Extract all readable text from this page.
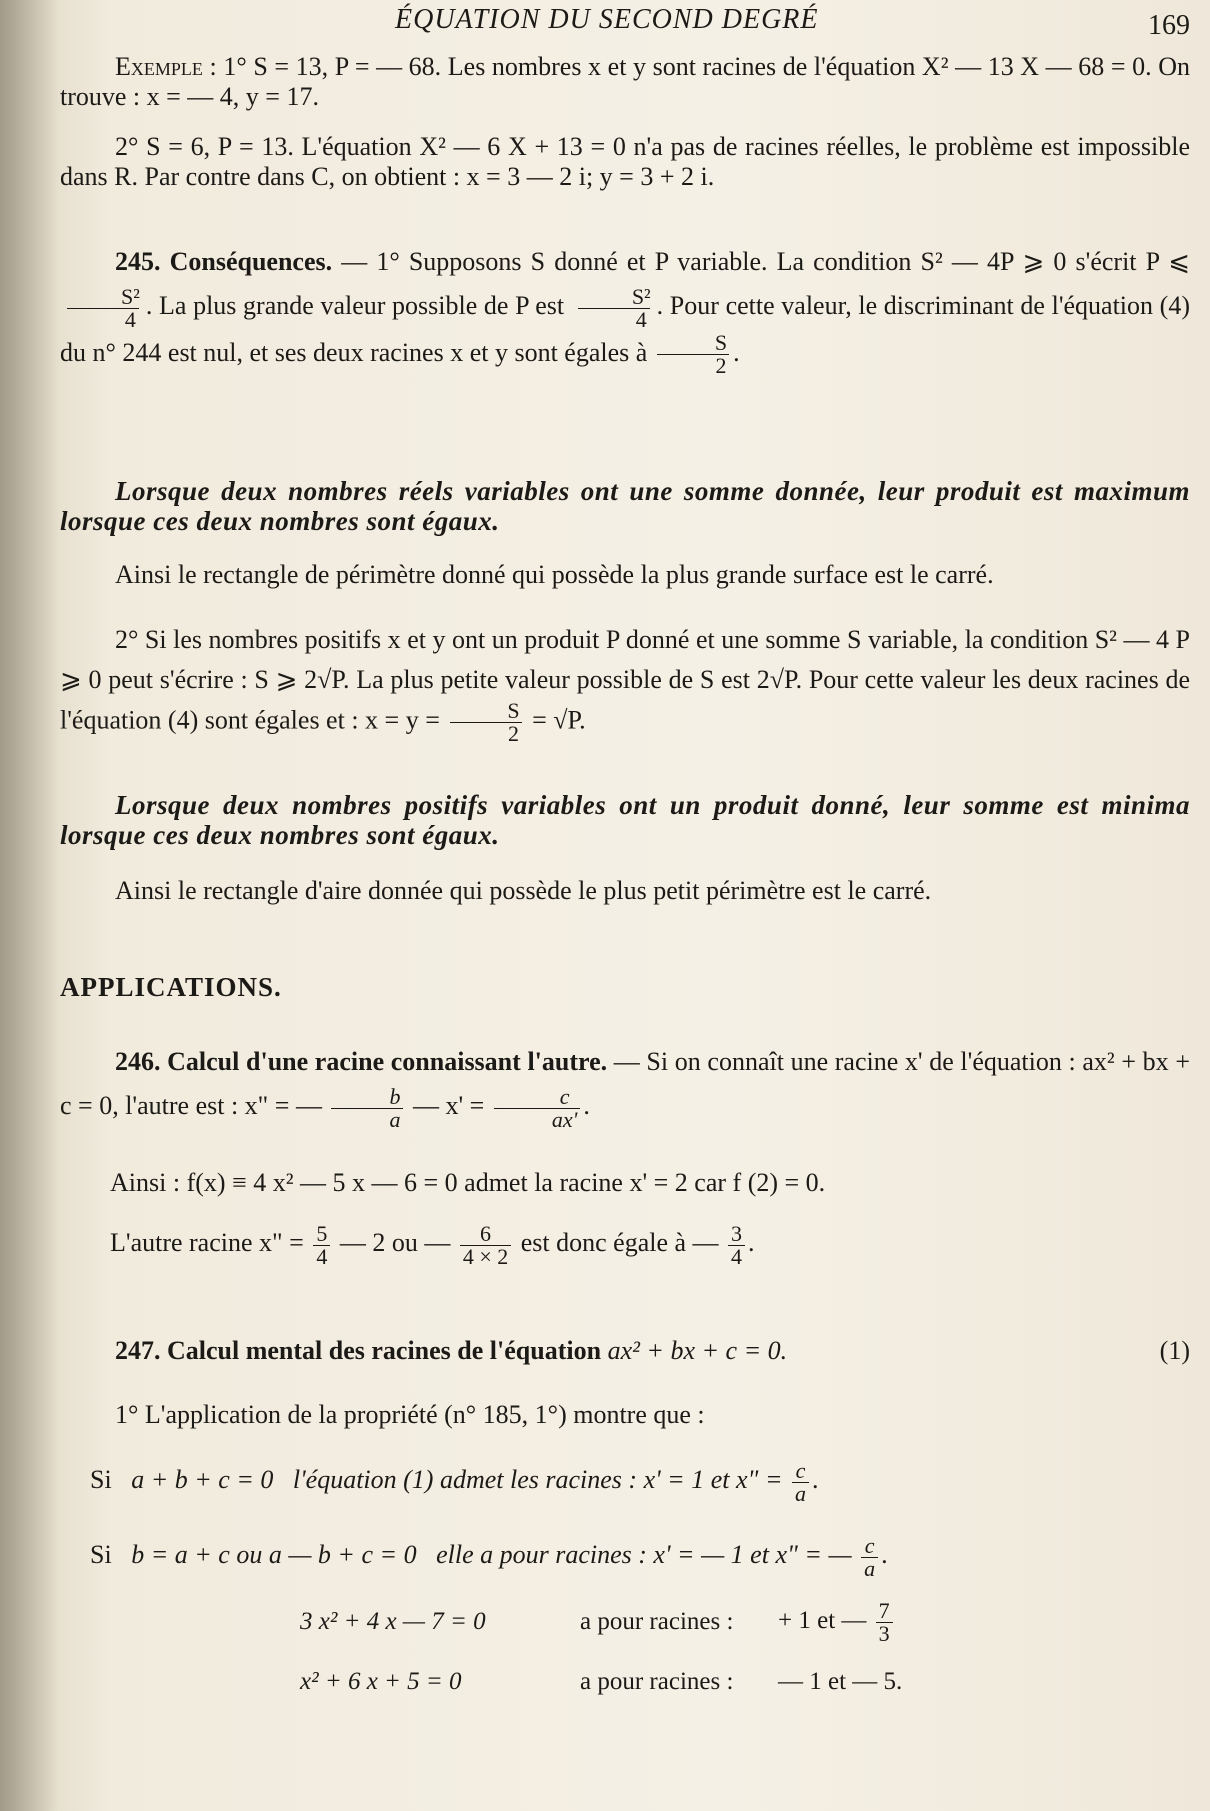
ÉQUATION DU SECOND DEGRÉ	169

Exemple : 1° S = 13, P = — 68. Les nombres x et y sont racines de l'équation X² — 13 X — 68 = 0. On trouve : x = — 4, y = 17.

2° S = 6, P = 13. L'équation X² — 6 X + 13 = 0 n'a pas de racines réelles, le problème est impossible dans R. Par contre dans C, on obtient : x = 3 — 2 i; y = 3 + 2 i.

245. Conséquences. — 1° Supposons S donné et P variable. La condition S² — 4P ⩾ 0 s'écrit P ⩽
$\frac{\text{S²}}{4}$ . La plus grande valeur possible de P est $\frac{\text{S²}}{4}$ . Pour cette valeur, le discriminant de l'équation (4) du n° 244 est nul, et ses deux racines x et y sont égales à $\frac{S}{2}$ .

Lorsque deux nombres réels variables ont une somme donnée, leur produit est maximum lorsque ces deux nombres sont égaux.

Ainsi le rectangle de périmètre donné qui possède la plus grande surface est le carré.

2° Si les nombres positifs x et y ont un produit P donné et une somme S variable, la condition S² — 4 P ⩾ 0 peut s'écrire : S ⩾ 2√P. La plus petite valeur possible de S est 2√P. Pour cette valeur les deux racines de l'équation (4) sont égales et : $x = y = \frac{S}{2} = √P$.

Lorsque deux nombres positifs variables ont un produit donné, leur somme est minima lorsque ces deux nombres sont égaux.

Ainsi le rectangle d'aire donnée qui possède le plus petit périmètre est le carré.

APPLICATIONS.

246. Calcul d'une racine connaissant l'autre. — Si on connaît une racine x' de l'équation : ax² + bx + c = 0, l'autre est : x" = — $\frac{b}{a}$ — $x' = \frac{c}{ax'}$ .

Ainsi : f(x) ≡ 4 x² — 5 x — 6 = 0 admet la racine x' = 2 car f (2) = 0.

L'autre racine x" = $\frac{5}{4}$ — 2 ou — $\frac{6}{4 \times 2}$ est donc égale à — $\frac{3}{4}$ .

247. Calcul mental des racines de l'équation ax² + bx + c = 0.	(1)

1° L'application de la propriété (n° 185, 1°) montre que :

Si a + b + c = 0 l'équation (1) admet les racines : x' = 1 et x" = $\frac{c}{a}$ .

Si b = a + c ou a — b + c = 0 elle a pour racines : x' = — 1 et x" = — $\frac{c}{a}$ .

3 x² + 4 x — 7 = 0	a pour racines : + 1 et — $\frac{7}{3}$
x² + 6 x + 5 = 0	a pour racines : — 1 et — 5.
